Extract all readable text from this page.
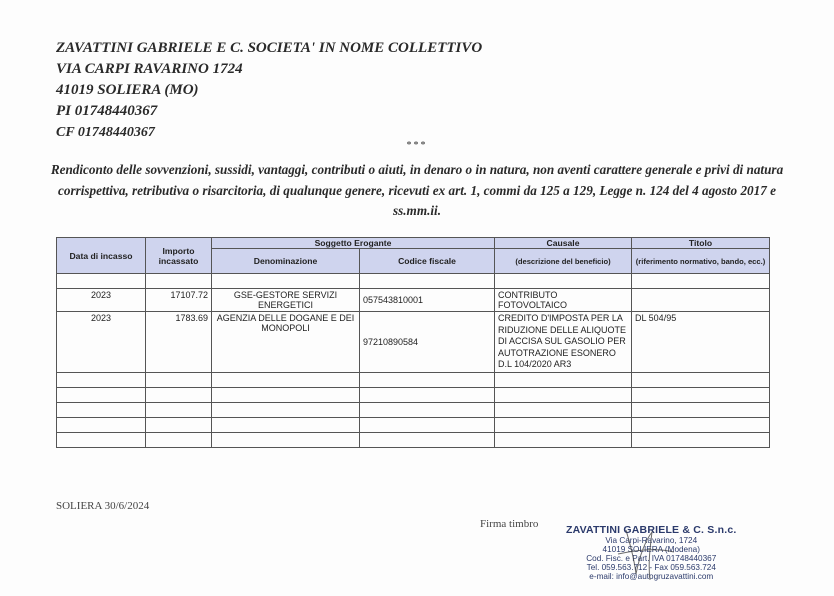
ZAVATTINI GABRIELE E C. SOCIETA' IN NOME COLLETTIVO
VIA CARPI RAVARINO 1724
41019 SOLIERA (MO)
PI 01748440367
CF 01748440367
***
Rendiconto delle sovvenzioni, sussidi, vantaggi, contributi o aiuti, in denaro o in natura, non aventi carattere generale e privi di natura corrispettiva, retributiva o risarcitoria, di qualunque genere, ricevuti ex art. 1, commi da 125 a 129, Legge n. 124 del 4 agosto 2017 e ss.mm.ii.
Data di incasso	Importo incassato	Soggetto Erogante		Causale	Titolo
		Denominazione	Codice fiscale	(descrizione del beneficio)	(riferimento normativo, bando, ecc.)

2023	17107.72	GSE-GESTORE SERVIZI ENERGETICI	057543810001	CONTRIBUTO FOTOVOLTAICO	
2023	1783.69	AGENZIA DELLE DOGANE E DEI MONOPOLI	97210890584	CREDITO D'IMPOSTA PER LA RIDUZIONE DELLE ALIQUOTE DI ACCISA SUL GASOLIO PER AUTOTRAZIONE ESONERO D.L 104/2020 AR3	DL 504/95

SOLIERA 30/6/2024
Firma timbro	ZAVATTINI GABRIELE & C. S.n.c.
Via Carpi-Ravarino, 1724
41019 SOLIERA (Modena)
Cod. Fisc. e Part. IVA 01748440367
Tel. 059.563.712 - Fax 059.563.724
e-mail: info@autogruzavattini.com
